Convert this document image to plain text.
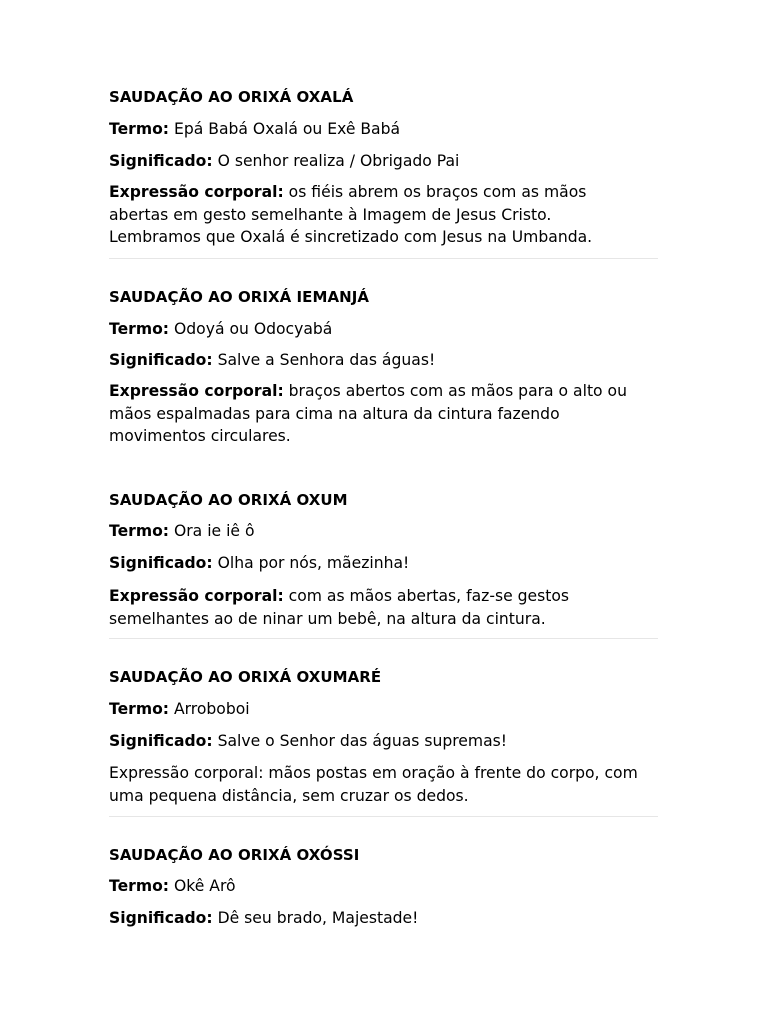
SAUDAÇÃO AO ORIXÁ OXALÁ
Termo: Epá Babá Oxalá ou Exê Babá
Significado: O senhor realiza / Obrigado Pai
Expressão corporal: os fiéis abrem os braços com as mãos
abertas em gesto semelhante à Imagem de Jesus Cristo.
Lembramos que Oxalá é sincretizado com Jesus na Umbanda.
SAUDAÇÃO AO ORIXÁ IEMANJÁ
Termo: Odoyá ou Odocyabá
Significado: Salve a Senhora das águas!
Expressão corporal: braços abertos com as mãos para o alto ou
mãos espalmadas para cima na altura da cintura fazendo
movimentos circulares.
SAUDAÇÃO AO ORIXÁ OXUM
Termo: Ora ie iê ô
Significado: Olha por nós, mãezinha!
Expressão corporal: com as mãos abertas, faz-se gestos
semelhantes ao de ninar um bebê, na altura da cintura.
SAUDAÇÃO AO ORIXÁ OXUMARÉ
Termo: Arroboboi
Significado: Salve o Senhor das águas supremas!
Expressão corporal: mãos postas em oração à frente do corpo, com
uma pequena distância, sem cruzar os dedos.
SAUDAÇÃO AO ORIXÁ OXÓSSI
Termo: Okê Arô
Significado: Dê seu brado, Majestade!
